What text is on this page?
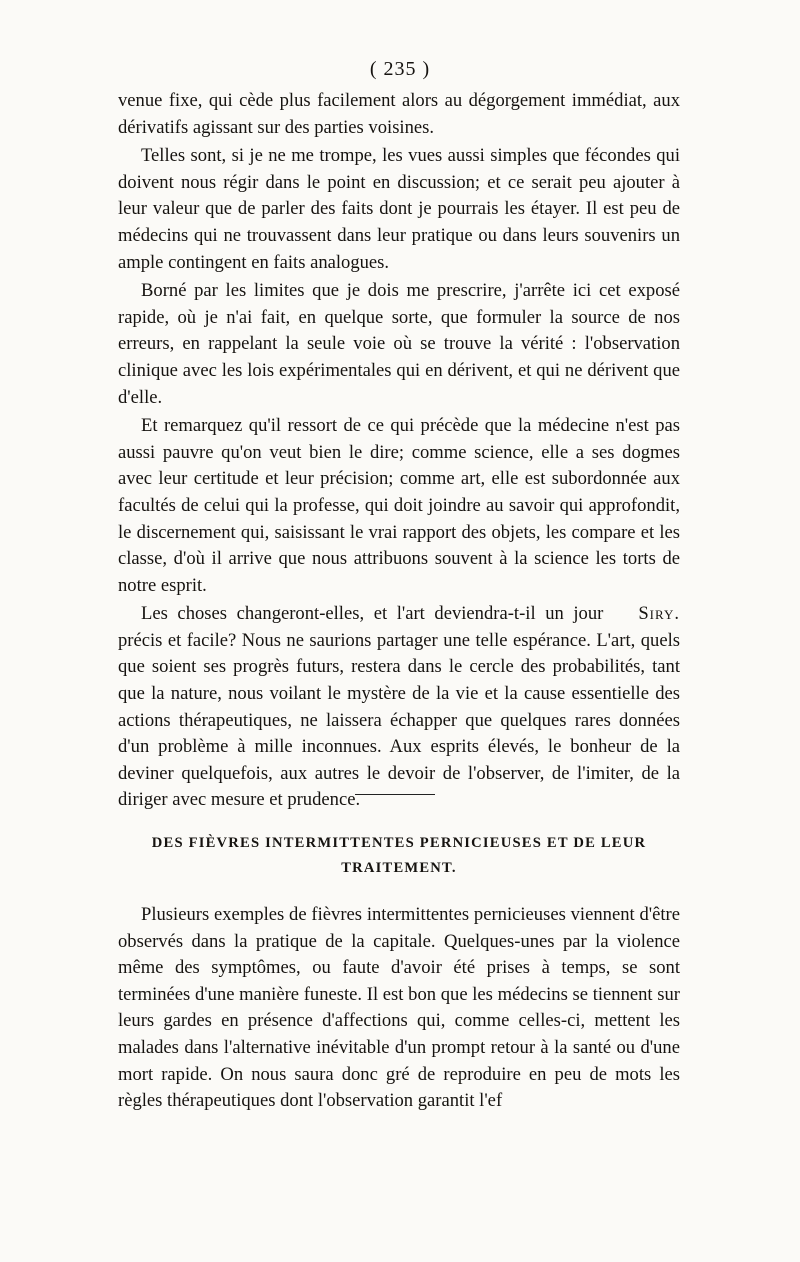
( 235 )

venue fixe, qui cède plus facilement alors au dégorgement immédiat, aux dérivatifs agissant sur des parties voisines.

Telles sont, si je ne me trompe, les vues aussi simples que fécondes qui doivent nous régir dans le point en discussion; et ce serait peu ajouter à leur valeur que de parler des faits dont je pourrais les étayer. Il est peu de médecins qui ne trouvassent dans leur pratique ou dans leurs souvenirs un ample contingent en faits analogues.

Borné par les limites que je dois me prescrire, j'arrête ici cet exposé rapide, où je n'ai fait, en quelque sorte, que formuler la source de nos erreurs, en rappelant la seule voie où se trouve la vérité : l'observation clinique avec les lois expérimentales qui en dérivent, et qui ne dérivent que d'elle.

Et remarquez qu'il ressort de ce qui précède que la médecine n'est pas aussi pauvre qu'on veut bien le dire; comme science, elle a ses dogmes avec leur certitude et leur précision; comme art, elle est subordonnée aux facultés de celui qui la professe, qui doit joindre au savoir qui approfondit, le discernement qui, saisissant le vrai rapport des objets, les compare et les classe, d'où il arrive que nous attribuons souvent à la science les torts de notre esprit.

Siry.
Les choses changeront-elles, et l'art deviendra-t-il un jour précis et facile? Nous ne saurions partager une telle espérance. L'art, quels que soient ses progrès futurs, restera dans le cercle des probabilités, tant que la nature, nous voilant le mystère de la vie et la cause essentielle des actions thérapeutiques, ne laissera échapper que quelques rares données d'un problème à mille inconnues. Aux esprits élevés, le bonheur de la deviner quelquefois, aux autres le devoir de l'observer, de l'imiter, de la diriger avec mesure et prudence.

DES FIÈVRES INTERMITTENTES PERNICIEUSES ET DE LEUR
TRAITEMENT.

Plusieurs exemples de fièvres intermittentes pernicieuses viennent d'être observés dans la pratique de la capitale. Quelques-unes par la violence même des symptômes, ou faute d'avoir été prises à temps, se sont terminées d'une manière funeste. Il est bon que les médecins se tiennent sur leurs gardes en présence d'affections qui, comme celles-ci, mettent les malades dans l'alternative inévitable d'un prompt retour à la santé ou d'une mort rapide. On nous saura donc gré de reproduire en peu de mots les règles thérapeutiques dont l'observation garantit l'ef
